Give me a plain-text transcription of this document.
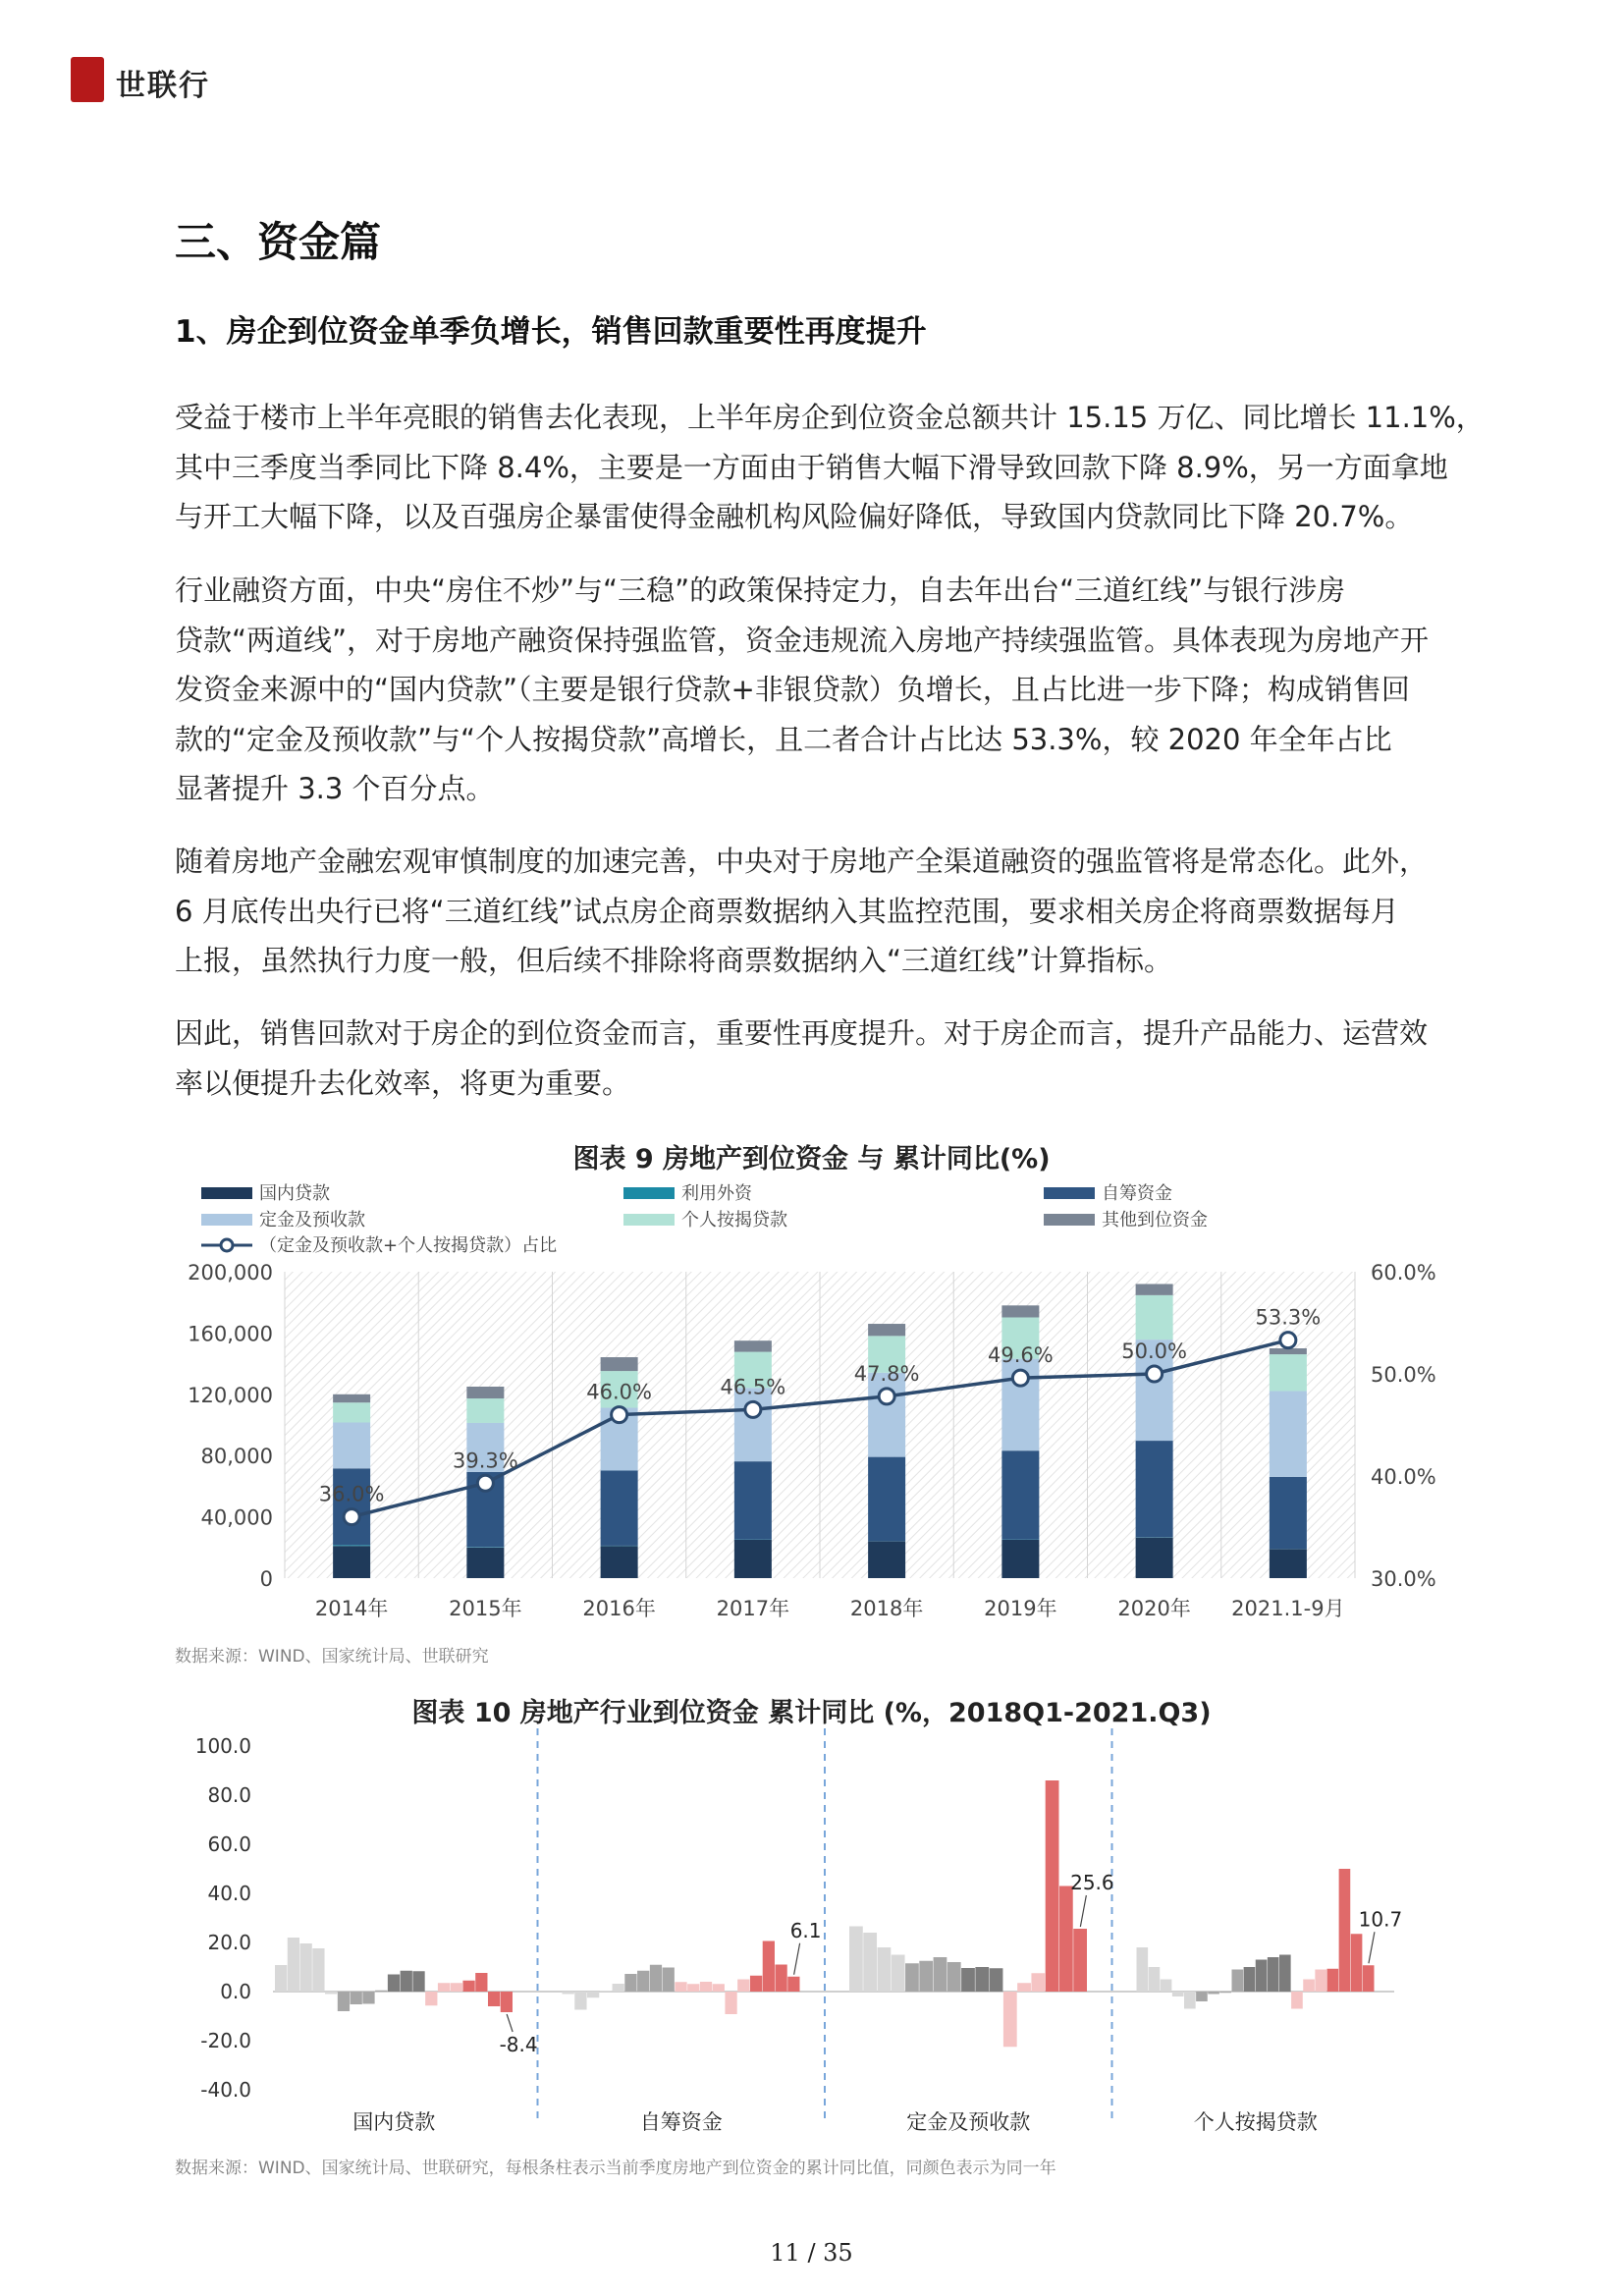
世联行
三、资金篇
1、房企到位资金单季负增长，销售回款重要性再度提升
受益于楼市上半年亮眼的销售去化表现，上半年房企到位资金总额共计 15.15 万亿、同比增长 11.1%，
其中三季度当季同比下降 8.4%，主要是一方面由于销售大幅下滑导致回款下降 8.9%，另一方面拿地
与开工大幅下降，以及百强房企暴雷使得金融机构风险偏好降低，导致国内贷款同比下降 20.7%。
行业融资方面，中央“房住不炒”与“三稳”的政策保持定力，自去年出台“三道红线”与银行涉房
贷款“两道线”，对于房地产融资保持强监管，资金违规流入房地产持续强监管。具体表现为房地产开
发资金来源中的“国内贷款”（主要是银行贷款+非银贷款）负增长，且占比进一步下降；构成销售回
款的“定金及预收款”与“个人按揭贷款”高增长，且二者合计占比达 53.3%，较 2020 年全年占比
显著提升 3.3 个百分点。
随着房地产金融宏观审慎制度的加速完善，中央对于房地产全渠道融资的强监管将是常态化。此外，
6 月底传出央行已将“三道红线”试点房企商票数据纳入其监控范围，要求相关房企将商票数据每月
上报，虽然执行力度一般，但后续不排除将商票数据纳入“三道红线”计算指标。
因此，销售回款对于房企的到位资金而言，重要性再度提升。对于房企而言，提升产品能力、运营效
率以便提升去化效率，将更为重要。
图表 9 房地产到位资金 与 累计同比(%)
国内贷款	利用外资	自筹资金
定金及预收款	个人按揭贷款	其他到位资金
（定金及预收款+个人按揭贷款）占比
0
40,000
80,000
120,000
160,000
200,000
30.0%
40.0%
50.0%
60.0%
2014年	2015年	2016年	2017年	2018年	2019年	2020年 2021.1-9月
36.0%
39.3%
46.0%	46.5%
47.8%
49.6%	50.0%
53.3%
数据来源：WIND、国家统计局、世联研究
图表 10 房地产行业到位资金 累计同比 (%，2018Q1-2021.Q3)
-40.0
-20.0
0.0
20.0
40.0
60.0
80.0
100.0
-8.4
国内贷款
6.1
自筹资金
25.6
定金及预收款
10.7
个人按揭贷款
数据来源：WIND、国家统计局、世联研究，每根条柱表示当前季度房地产到位资金的累计同比值，同颜色表示为同一年
11 / 35
